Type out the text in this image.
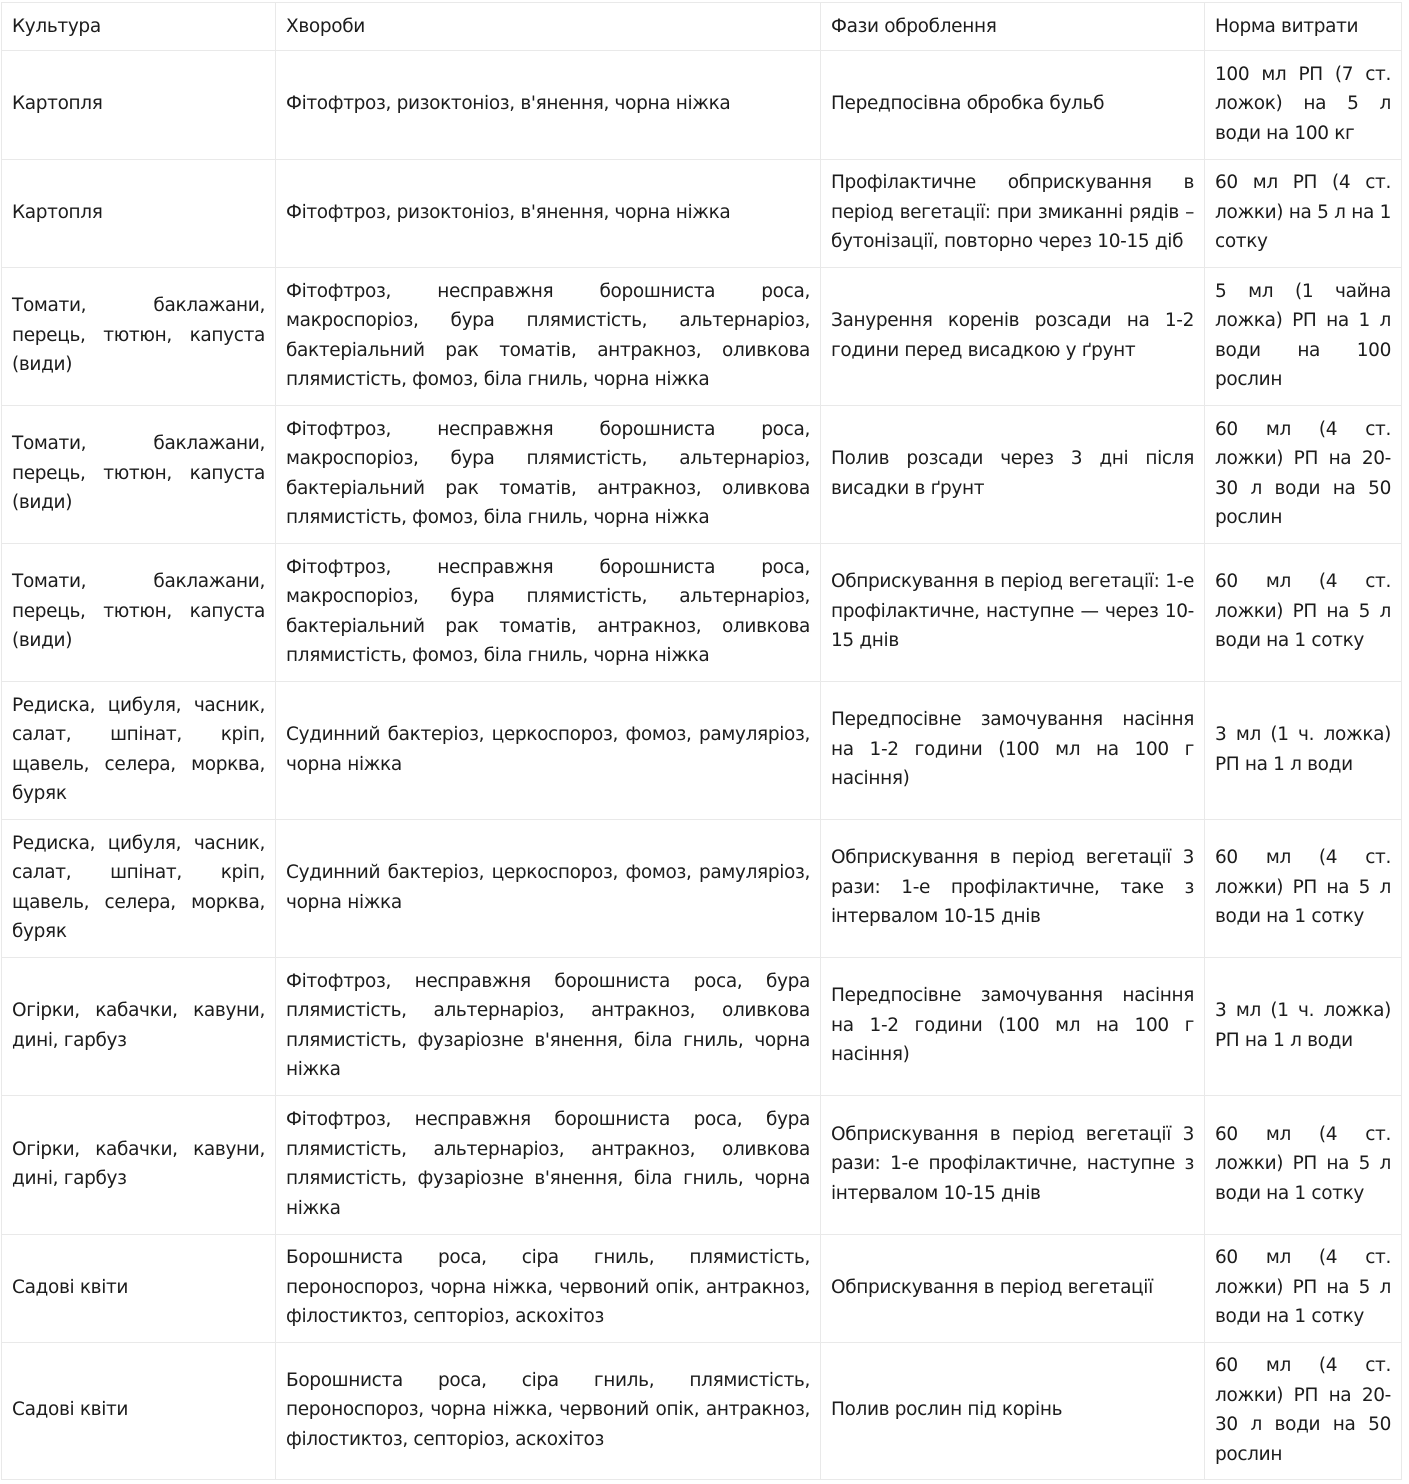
Культура	Хвороби	Фази оброблення	Норма витрати
Картопля	Фітофтроз, ризоктоніоз, в'янення, чорна ніжка	Передпосівна обробка бульб	100 мл РП (7 ст. ложок) на 5 л води на 100 кг
Картопля	Фітофтроз, ризоктоніоз, в'янення, чорна ніжка	Профілактичне обприскування в період вегетації: при змиканні рядів – бутонізації, повторно через 10-15 діб	60 мл РП (4 ст. ложки) на 5 л на 1 сотку
Томати, баклажани, перець, тютюн, капуста (види)	Фітофтроз, несправжня борошниста роса, макроспоріоз, бура плямистість, альтернаріоз, бактеріальний рак томатів, антракноз, оливкова плямистість, фомоз, біла гниль, чорна ніжка	Занурення коренів розсади на 1-2 години перед висадкою у ґрунт	5 мл (1 чайна ложка) РП на 1 л води на 100 рослин
Томати, баклажани, перець, тютюн, капуста (види)	Фітофтроз, несправжня борошниста роса, макроспоріоз, бура плямистість, альтернаріоз, бактеріальний рак томатів, антракноз, оливкова плямистість, фомоз, біла гниль, чорна ніжка	Полив розсади через 3 дні після висадки в ґрунт	60 мл (4 ст. ложки) РП на 20-30 л води на 50 рослин
Томати, баклажани, перець, тютюн, капуста (види)	Фітофтроз, несправжня борошниста роса, макроспоріоз, бура плямистість, альтернаріоз, бактеріальний рак томатів, антракноз, оливкова плямистість, фомоз, біла гниль, чорна ніжка	Обприскування в період вегетації: 1-е профілактичне, наступне — через 10-15 днів	60 мл (4 ст. ложки) РП на 5 л води на 1 сотку
Редиска, цибуля, часник, салат, шпінат, кріп, щавель, селера, морква, буряк	Судинний бактеріоз, церкоспороз, фомоз, рамуляріоз, чорна ніжка	Передпосівне замочування насіння на 1-2 години (100 мл на 100 г насіння)	3 мл (1 ч. ложка) РП на 1 л води
Редиска, цибуля, часник, салат, шпінат, кріп, щавель, селера, морква, буряк	Судинний бактеріоз, церкоспороз, фомоз, рамуляріоз, чорна ніжка	Обприскування в період вегетації 3 рази: 1-е профілактичне, таке з інтервалом 10-15 днів	60 мл (4 ст. ложки) РП на 5 л води на 1 сотку
Огірки, кабачки, кавуни, дині, гарбуз	Фітофтроз, несправжня борошниста роса, бура плямистість, альтернаріоз, антракноз, оливкова плямистість, фузаріозне в'янення, біла гниль, чорна ніжка	Передпосівне замочування насіння на 1-2 години (100 мл на 100 г насіння)	3 мл (1 ч. ложка) РП на 1 л води
Огірки, кабачки, кавуни, дині, гарбуз	Фітофтроз, несправжня борошниста роса, бура плямистість, альтернаріоз, антракноз, оливкова плямистість, фузаріозне в'янення, біла гниль, чорна ніжка	Обприскування в період вегетації 3 рази: 1-е профілактичне, наступне з інтервалом 10-15 днів	60 мл (4 ст. ложки) РП на 5 л води на 1 сотку
Садові квіти	Борошниста роса, сіра гниль, плямистість, пероноспороз, чорна ніжка, червоний опік, антракноз, філостиктоз, септоріоз, аскохітоз	Обприскування в період вегетації	60 мл (4 ст. ложки) РП на 5 л води на 1 сотку
Садові квіти	Борошниста роса, сіра гниль, плямистість, пероноспороз, чорна ніжка, червоний опік, антракноз, філостиктоз, септоріоз, аскохітоз	Полив рослин під корінь	60 мл (4 ст. ложки) РП на 20-30 л води на 50 рослин
